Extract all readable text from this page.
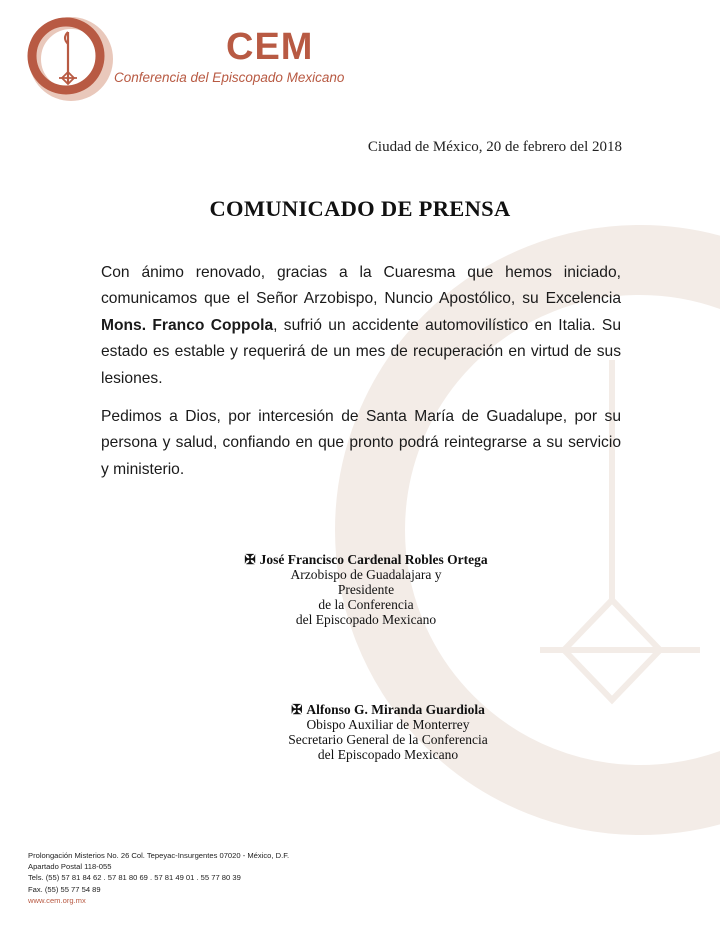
CEM
Conferencia del Episcopado Mexicano
Ciudad de México, 20 de febrero del 2018
COMUNICADO DE PRENSA

Con ánimo renovado, gracias a la Cuaresma que hemos iniciado, comunicamos que el Señor Arzobispo, Nuncio Apostólico, su Excelencia Mons. Franco Coppola, sufrió un accidente automovilístico en Italia. Su estado es estable y requerirá de un mes de recuperación en virtud de sus lesiones.

Pedimos a Dios, por intercesión de Santa María de Guadalupe, por su persona y salud, confiando en que pronto podrá reintegrarse a su servicio y ministerio.

✠ José Francisco Cardenal Robles Ortega
Arzobispo de Guadalajara y
Presidente
de la Conferencia
del Episcopado Mexicano
✠ Alfonso G. Miranda Guardiola
Obispo Auxiliar de Monterrey
Secretario General de la Conferencia
del Episcopado Mexicano
Prolongación Misterios No. 26 Col. Tepeyac-Insurgentes 07020 - México, D.F.
Apartado Postal 118-055
Tels. (55) 57 81 84 62 . 57 81 80 69 . 57 81 49 01 . 55 77 80 39
Fax. (55) 55 77 54 89
www.cem.org.mx
